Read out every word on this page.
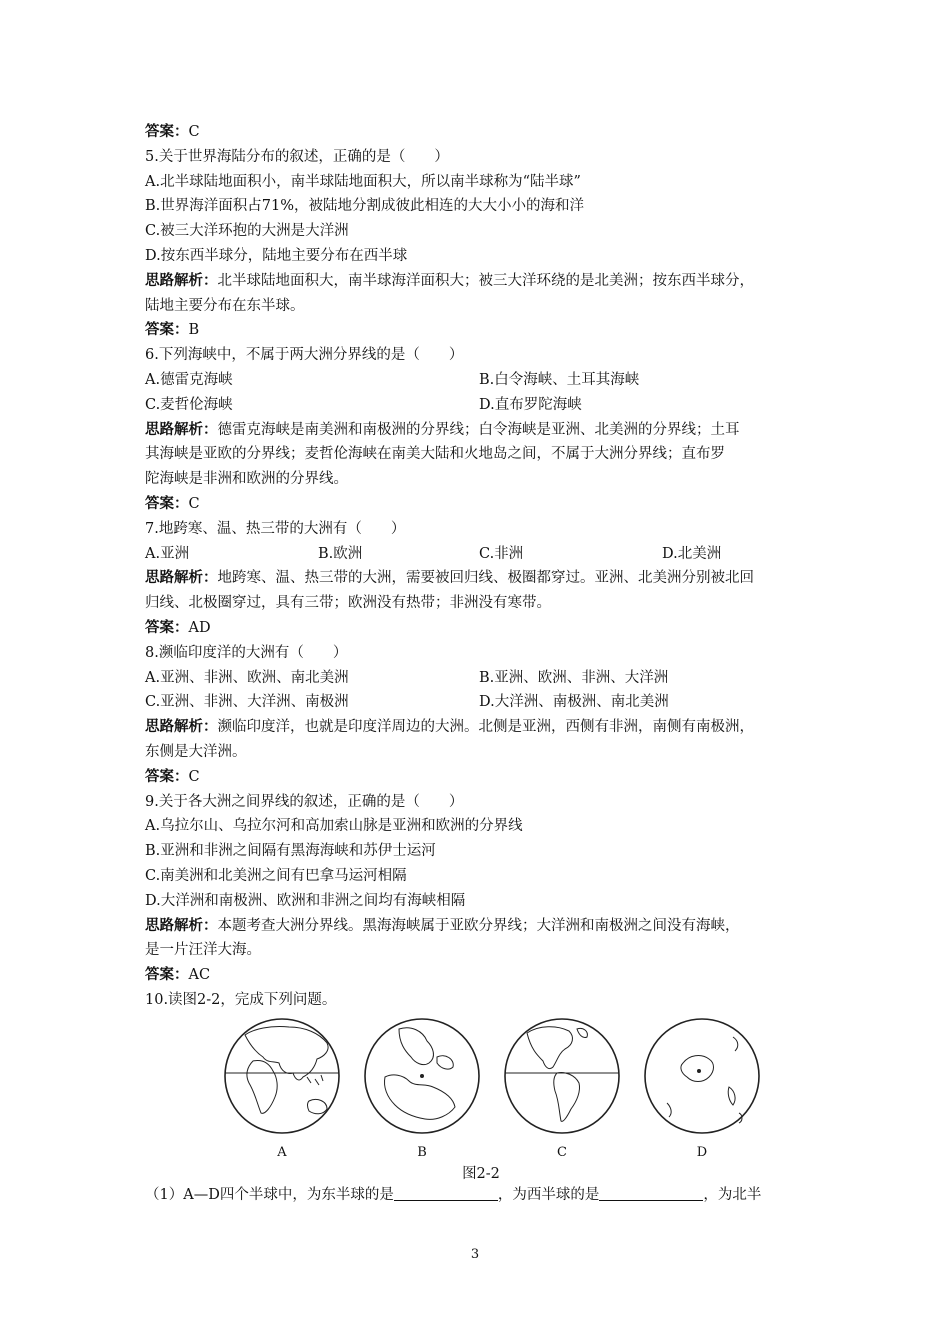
答案：C
5.关于世界海陆分布的叙述，正确的是（　　）
A.北半球陆地面积小，南半球陆地面积大，所以南半球称为“陆半球”
B.世界海洋面积占71%，被陆地分割成彼此相连的大大小小的海和洋
C.被三大洋环抱的大洲是大洋洲
D.按东西半球分，陆地主要分布在西半球
思路解析：北半球陆地面积大，南半球海洋面积大；被三大洋环绕的是北美洲；按东西半球分，
陆地主要分布在东半球。
答案：B
6.下列海峡中，不属于两大洲分界线的是（　　）
A.德雷克海峡	B.白令海峡、土耳其海峡
C.麦哲伦海峡	D.直布罗陀海峡
思路解析：德雷克海峡是南美洲和南极洲的分界线；白令海峡是亚洲、北美洲的分界线；土耳
其海峡是亚欧的分界线；麦哲伦海峡在南美大陆和火地岛之间，不属于大洲分界线；直布罗
陀海峡是非洲和欧洲的分界线。
答案：C
7.地跨寒、温、热三带的大洲有（　　）
A.亚洲	B.欧洲	C.非洲	D.北美洲
思路解析：地跨寒、温、热三带的大洲，需要被回归线、极圈都穿过。亚洲、北美洲分别被北回
归线、北极圈穿过，具有三带；欧洲没有热带；非洲没有寒带。
答案：AD
8.濒临印度洋的大洲有（　　）
A.亚洲、非洲、欧洲、南北美洲	B.亚洲、欧洲、非洲、大洋洲
C.亚洲、非洲、大洋洲、南极洲	D.大洋洲、南极洲、南北美洲
思路解析：濒临印度洋，也就是印度洋周边的大洲。北侧是亚洲，西侧有非洲，南侧有南极洲，
东侧是大洋洲。
答案：C
9.关于各大洲之间界线的叙述，正确的是（　　）
A.乌拉尔山、乌拉尔河和高加索山脉是亚洲和欧洲的分界线
B.亚洲和非洲之间隔有黑海海峡和苏伊士运河
C.南美洲和北美洲之间有巴拿马运河相隔
D.大洋洲和南极洲、欧洲和非洲之间均有海峡相隔
思路解析：本题考查大洲分界线。黑海海峡属于亚欧分界线；大洋洲和南极洲之间没有海峡，
是一片汪洋大海。
答案：AC
10.读图2-2，完成下列问题。
A	B	C	D
图2-2
（1）A—D四个半球中，为东半球的是	，为西半球的是	，为北半
3
